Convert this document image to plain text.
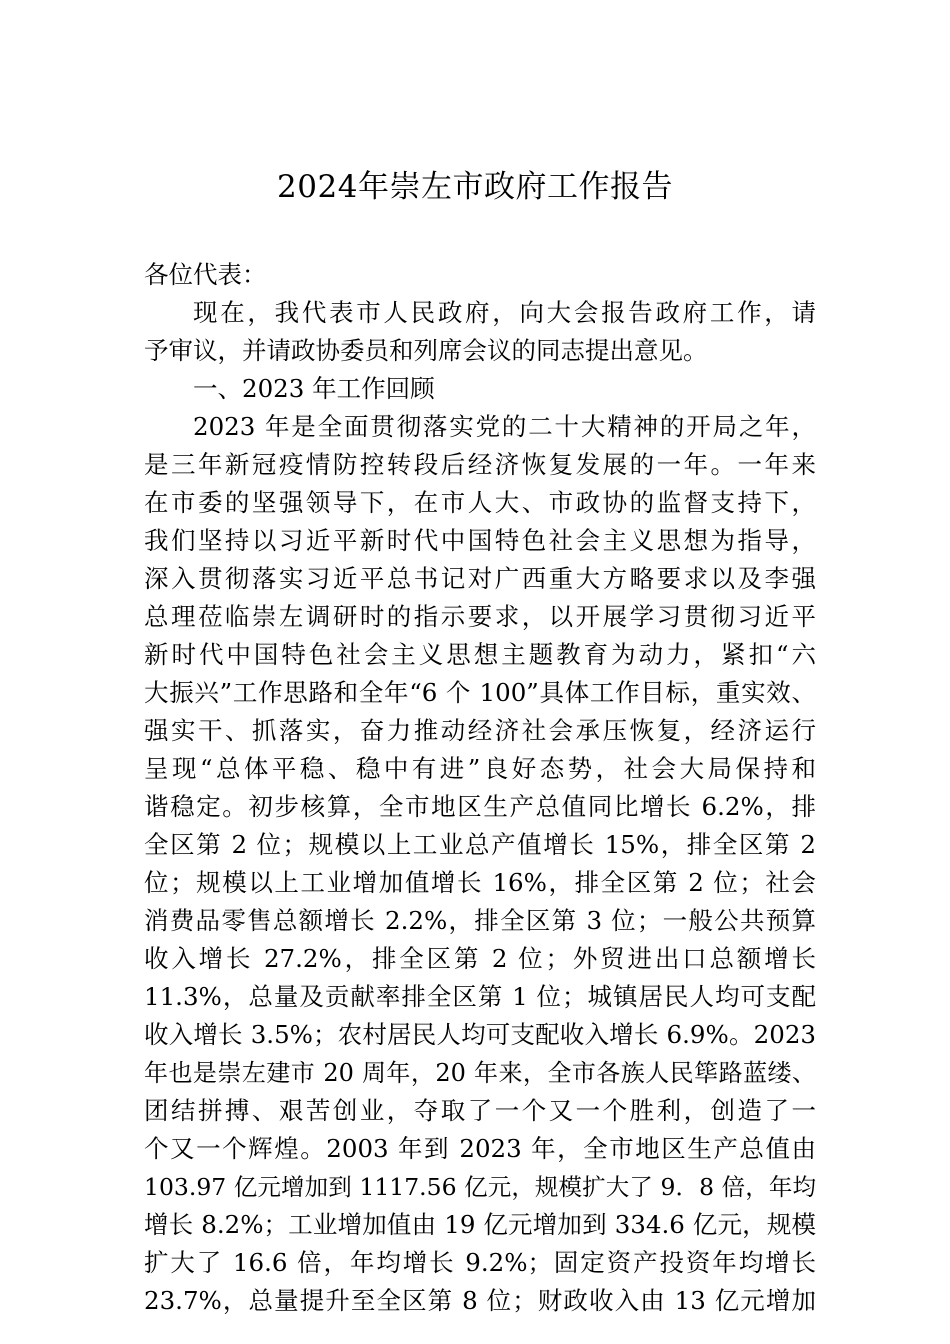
2024年崇左市政府工作报告
各位代表：
现在，我代表市人民政府，向大会报告政府工作，请
予审议，并请政协委员和列席会议的同志提出意见。
一、2023 年工作回顾
2023 年是全面贯彻落实党的二十大精神的开局之年，
是三年新冠疫情防控转段后经济恢复发展的一年。一年来
在市委的坚强领导下，在市人大、市政协的监督支持下，
我们坚持以习近平新时代中国特色社会主义思想为指导，
深入贯彻落实习近平总书记对广西重大方略要求以及李强
总理莅临崇左调研时的指示要求，以开展学习贯彻习近平
新时代中国特色社会主义思想主题教育为动力，紧扣“六
大振兴”工作思路和全年“6 个 100”具体工作目标，重实效、
强实干、抓落实，奋力推动经济社会承压恢复，经济运行
呈现“总体平稳、稳中有进”良好态势，社会大局保持和
谐稳定。初步核算，全市地区生产总值同比增长 6.2%，排
全区第 2 位；规模以上工业总产值增长 15%，排全区第 2
位；规模以上工业增加值增长 16%，排全区第 2 位；社会
消费品零售总额增长 2.2%，排全区第 3 位；一般公共预算
收入增长 27.2%，排全区第 2 位；外贸进出口总额增长
11.3%，总量及贡献率排全区第 1 位；城镇居民人均可支配
收入增长 3.5%；农村居民人均可支配收入增长 6.9%。2023
年也是崇左建市 20 周年，20 年来，全市各族人民筚路蓝缕、
团结拼搏、艰苦创业，夺取了一个又一个胜利，创造了一
个又一个辉煌。2003 年到 2023 年，全市地区生产总值由
103.97 亿元增加到 1117.56 亿元，规模扩大了 9．8 倍，年均
增长 8.2%；工业增加值由 19 亿元增加到 334.6 亿元，规模
扩大了 16.6 倍，年均增长 9.2%；固定资产投资年均增长
23.7%，总量提升至全区第 8 位；财政收入由 13 亿元增加
